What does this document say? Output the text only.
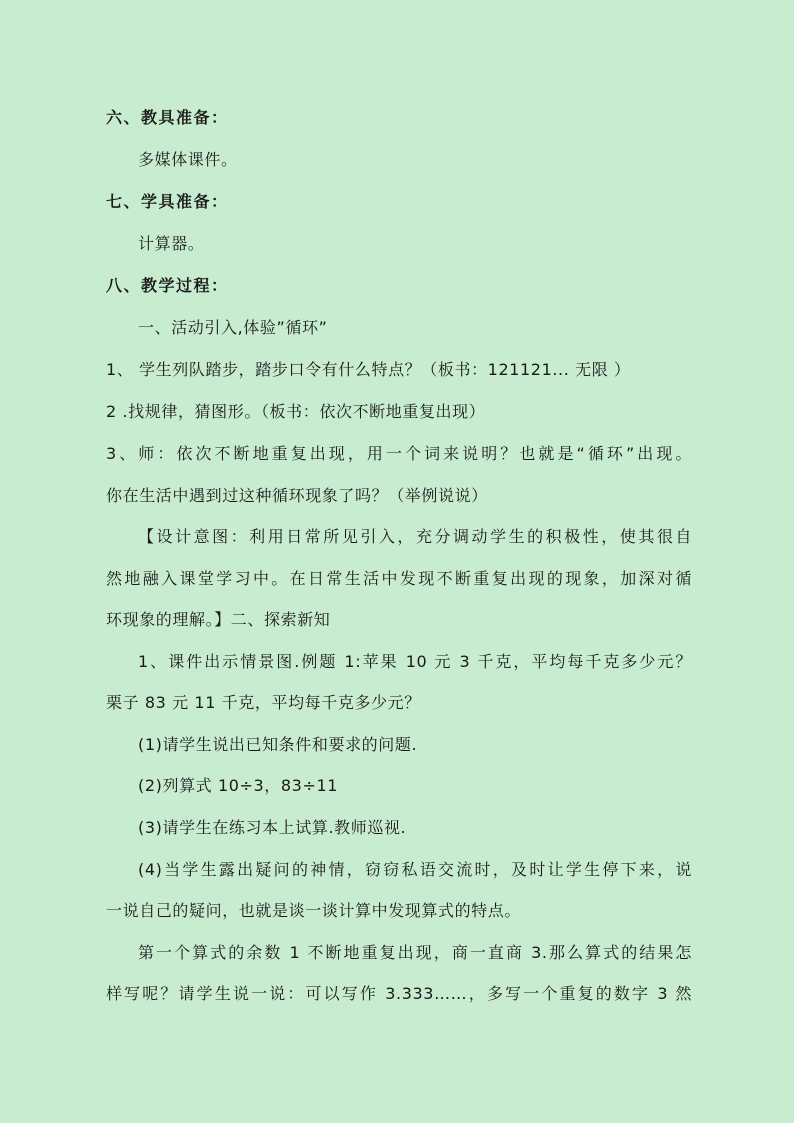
六、教具准备：
多媒体课件。
七、学具准备：
计算器。
八、教学过程：
一、活动引入,体验”循环”
1、 学生列队踏步，踏步口令有什么特点？（板书：121121... 无限 ）
2 .找规律，猜图形。（板书：依次不断地重复出现）
3、师：依次不断地重复出现，用一个词来说明？也就是“循环”出现。
你在生活中遇到过这种循环现象了吗？（举例说说）
【设计意图：利用日常所见引入，充分调动学生的积极性，使其很自
然地融入课堂学习中。在日常生活中发现不断重复出现的现象，加深对循
环现象的理解。】二、探索新知
1、课件出示情景图.例题 1:苹果 10 元 3 千克，平均每千克多少元？
栗子 83 元 11 千克，平均每千克多少元？
(1)请学生说出已知条件和要求的问题.
(2)列算式 10÷3，83÷11
(3)请学生在练习本上试算.教师巡视.
(4)当学生露出疑问的神情，窃窃私语交流时，及时让学生停下来，说
一说自己的疑问，也就是谈一谈计算中发现算式的特点。
第一个算式的余数 1 不断地重复出现，商一直商 3.那么算式的结果怎
样写呢？请学生说一说：可以写作 3.333……，多写一个重复的数字 3 然
